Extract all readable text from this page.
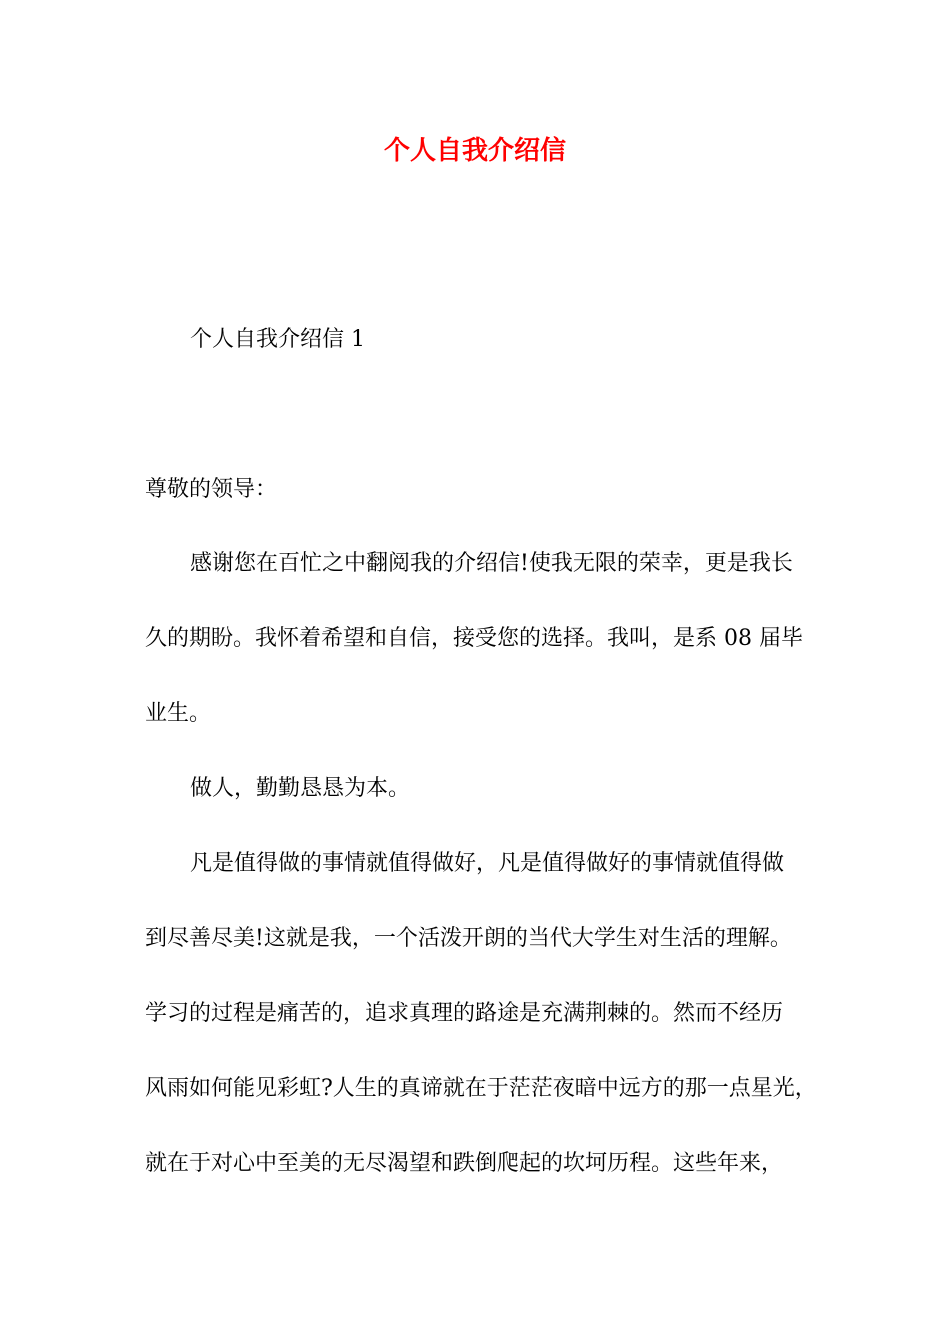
个人自我介绍信
个人自我介绍信 1
尊敬的领导：
感谢您在百忙之中翻阅我的介绍信!使我无限的荣幸，更是我长
久的期盼。我怀着希望和自信，接受您的选择。我叫，是系 08 届毕
业生。
做人，勤勤恳恳为本。
凡是值得做的事情就值得做好，凡是值得做好的事情就值得做
到尽善尽美!这就是我，一个活泼开朗的当代大学生对生活的理解。
学习的过程是痛苦的，追求真理的路途是充满荆棘的。然而不经历
风雨如何能见彩虹?人生的真谛就在于茫茫夜暗中远方的那一点星光，
就在于对心中至美的无尽渴望和跌倒爬起的坎坷历程。这些年来，
